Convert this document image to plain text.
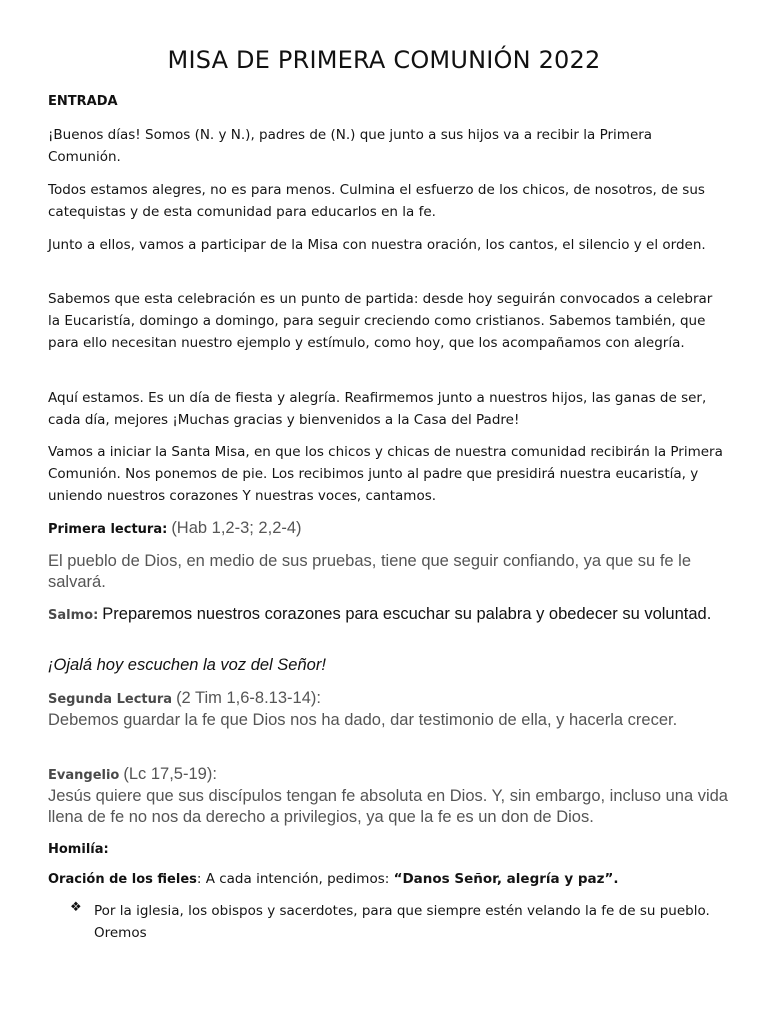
MISA DE PRIMERA COMUNIÓN 2022
ENTRADA
¡Buenos días! Somos (N. y N.), padres de (N.) que junto a sus hijos va a recibir la Primera Comunión.
Todos estamos alegres, no es para menos. Culmina el esfuerzo de los chicos, de nosotros, de sus catequistas y de esta comunidad para educarlos en la fe.
Junto a ellos, vamos a participar de la Misa con nuestra oración, los cantos, el silencio y el orden.
Sabemos que esta celebración es un punto de partida: desde hoy seguirán convocados a celebrar la Eucaristía, domingo a domingo, para seguir creciendo como cristianos. Sabemos también, que para ello necesitan nuestro ejemplo y estímulo, como hoy, que los acompañamos con alegría.
Aquí estamos. Es un día de fiesta y alegría. Reafirmemos junto a nuestros hijos, las ganas de ser, cada día, mejores ¡Muchas gracias y bienvenidos a la Casa del Padre!
Vamos a iniciar la Santa Misa, en que los chicos y chicas de nuestra comunidad recibirán la Primera Comunión. Nos ponemos de pie. Los recibimos junto al padre que presidirá nuestra eucaristía, y uniendo nuestros corazones Y nuestras voces, cantamos.
Primera lectura: (Hab 1,2-3; 2,2-4)
El pueblo de Dios, en medio de sus pruebas, tiene que seguir confiando, ya que su fe le salvará.
Salmo: Preparemos nuestros corazones para escuchar su palabra y obedecer su voluntad.
¡Ojalá hoy escuchen la voz del Señor!
Segunda Lectura (2 Tim 1,6-8.13-14):
Debemos guardar la fe que Dios nos ha dado, dar testimonio de ella, y hacerla crecer.
Evangelio (Lc 17,5-19):
Jesús quiere que sus discípulos tengan fe absoluta en Dios. Y, sin embargo, incluso una vida llena de fe no nos da derecho a privilegios, ya que la fe es un don de Dios.
Homilía:
Oración de los fieles: A cada intención, pedimos: “Danos Señor, alegría y paz”.
❖ Por la iglesia, los obispos y sacerdotes, para que siempre estén velando la fe de su pueblo. Oremos
